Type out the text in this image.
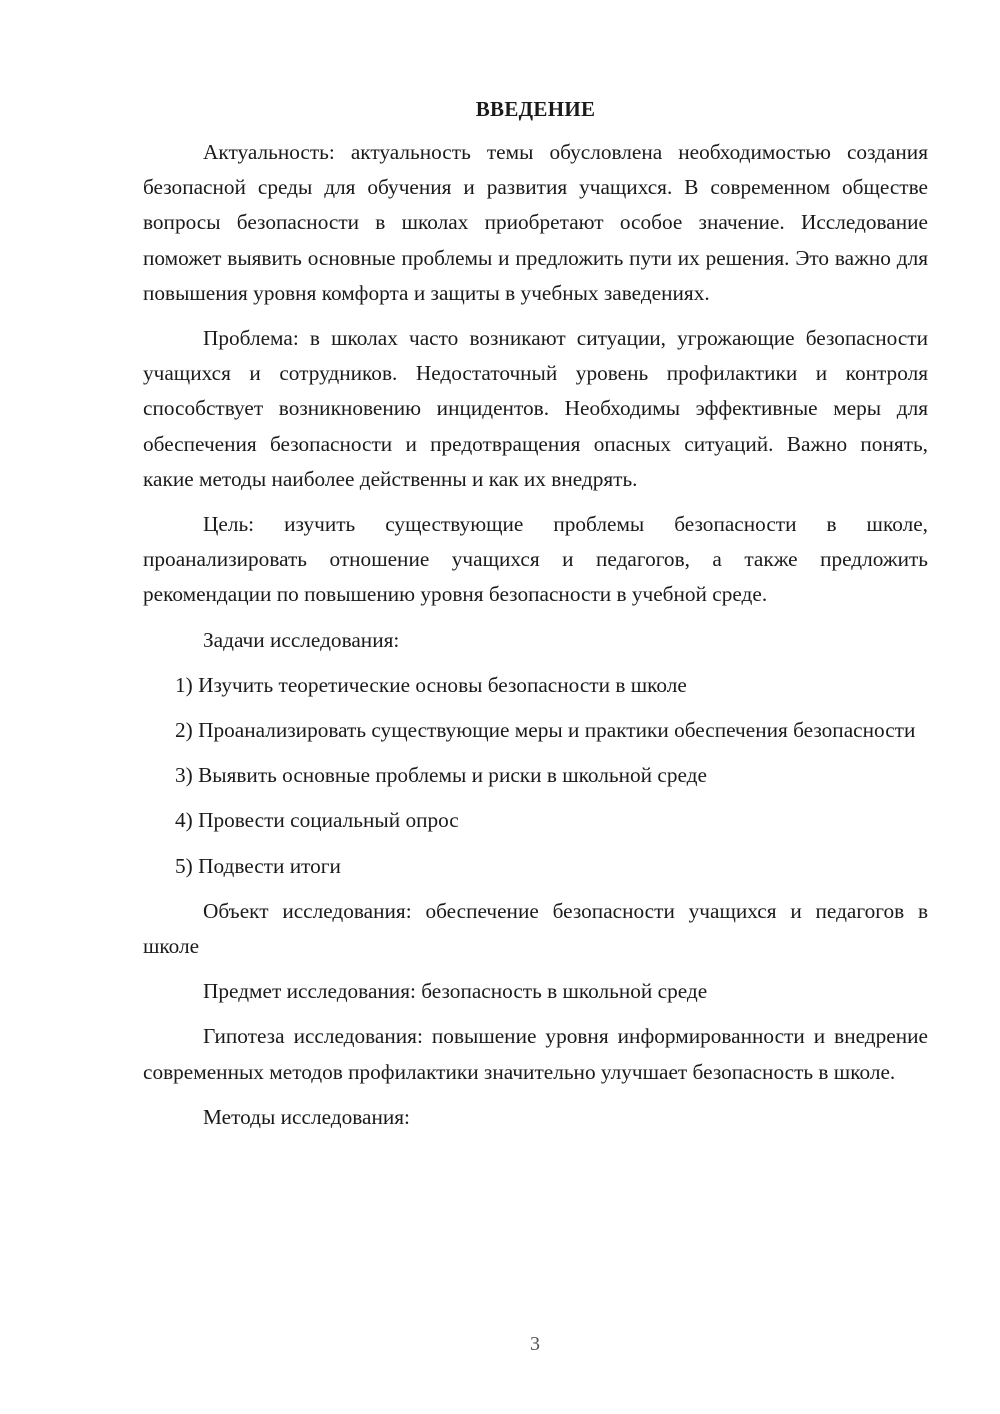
ВВЕДЕНИЕ

Актуальность: актуальность темы обусловлена необходимостью создания безопасной среды для обучения и развития учащихся. В современном обществе вопросы безопасности в школах приобретают особое значение. Исследование поможет выявить основные проблемы и предложить пути их решения. Это важно для повышения уровня комфорта и защиты в учебных заведениях.

Проблема: в школах часто возникают ситуации, угрожающие безопасности учащихся и сотрудников. Недостаточный уровень профилактики и контроля способствует возникновению инцидентов. Необходимы эффективные меры для обеспечения безопасности и предотвращения опасных ситуаций. Важно понять, какие методы наиболее действенны и как их внедрять.

Цель: изучить существующие проблемы безопасности в школе, проанализировать отношение учащихся и педагогов, а также предложить рекомендации по повышению уровня безопасности в учебной среде.

Задачи исследования:

1) Изучить теоретические основы безопасности в школе

2) Проанализировать существующие меры и практики обеспечения безопасности

3) Выявить основные проблемы и риски в школьной среде

4) Провести социальный опрос

5) Подвести итоги

Объект исследования: обеспечение безопасности учащихся и педагогов в школе

Предмет исследования: безопасность в школьной среде

Гипотеза исследования: повышение уровня информированности и внедрение современных методов профилактики значительно улучшает безопасность в школе.

Методы исследования:

3
